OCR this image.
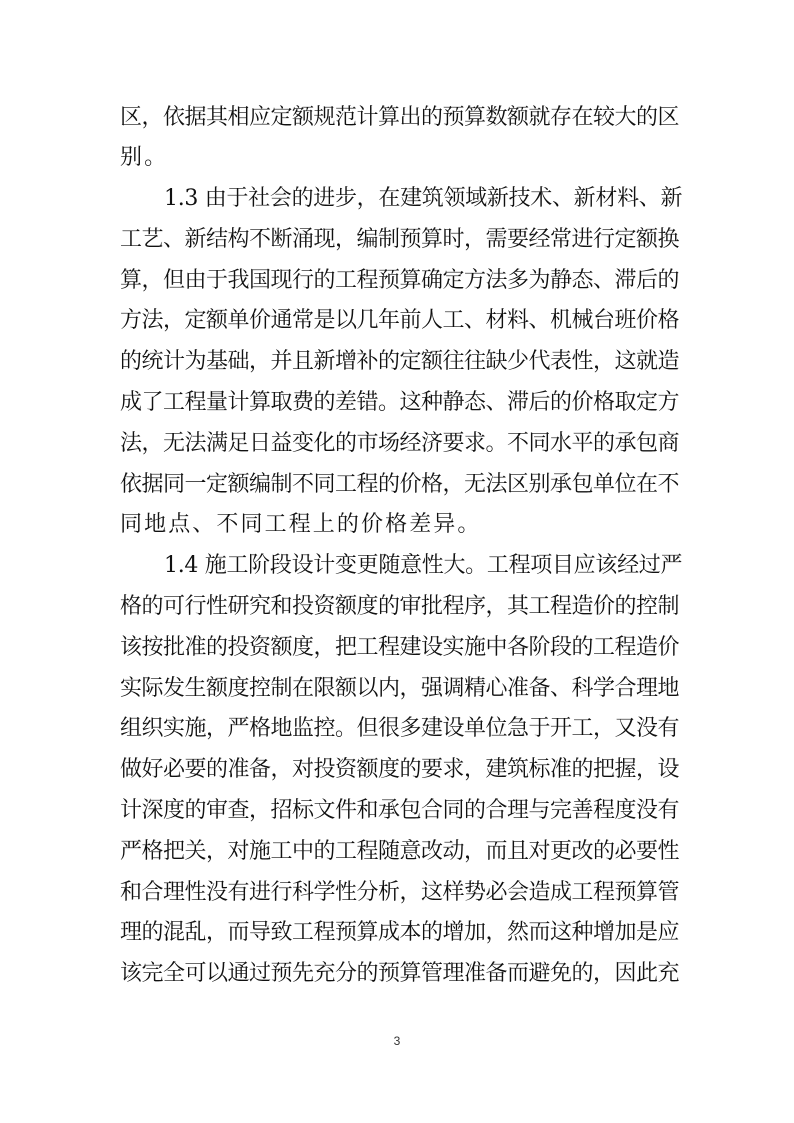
区，依据其相应定额规范计算出的预算数额就存在较大的区
别。
1.3 由于社会的进步，在建筑领域新技术、新材料、新
工艺、新结构不断涌现，编制预算时，需要经常进行定额换
算，但由于我国现行的工程预算确定方法多为静态、滞后的
方法，定额单价通常是以几年前人工、材料、机械台班价格
的统计为基础，并且新增补的定额往往缺少代表性，这就造
成了工程量计算取费的差错。这种静态、滞后的价格取定方
法，无法满足日益变化的市场经济要求。不同水平的承包商
依据同一定额编制不同工程的价格，无法区别承包单位在不
同地点、不同工程上的价格差异。
1.4 施工阶段设计变更随意性大。工程项目应该经过严
格的可行性研究和投资额度的审批程序，其工程造价的控制
该按批准的投资额度，把工程建设实施中各阶段的工程造价
实际发生额度控制在限额以内，强调精心准备、科学合理地
组织实施，严格地监控。但很多建设单位急于开工，又没有
做好必要的准备，对投资额度的要求，建筑标准的把握，设
计深度的审查，招标文件和承包合同的合理与完善程度没有
严格把关，对施工中的工程随意改动，而且对更改的必要性
和合理性没有进行科学性分析，这样势必会造成工程预算管
理的混乱，而导致工程预算成本的增加，然而这种增加是应
该完全可以通过预先充分的预算管理准备而避免的，因此充
3
